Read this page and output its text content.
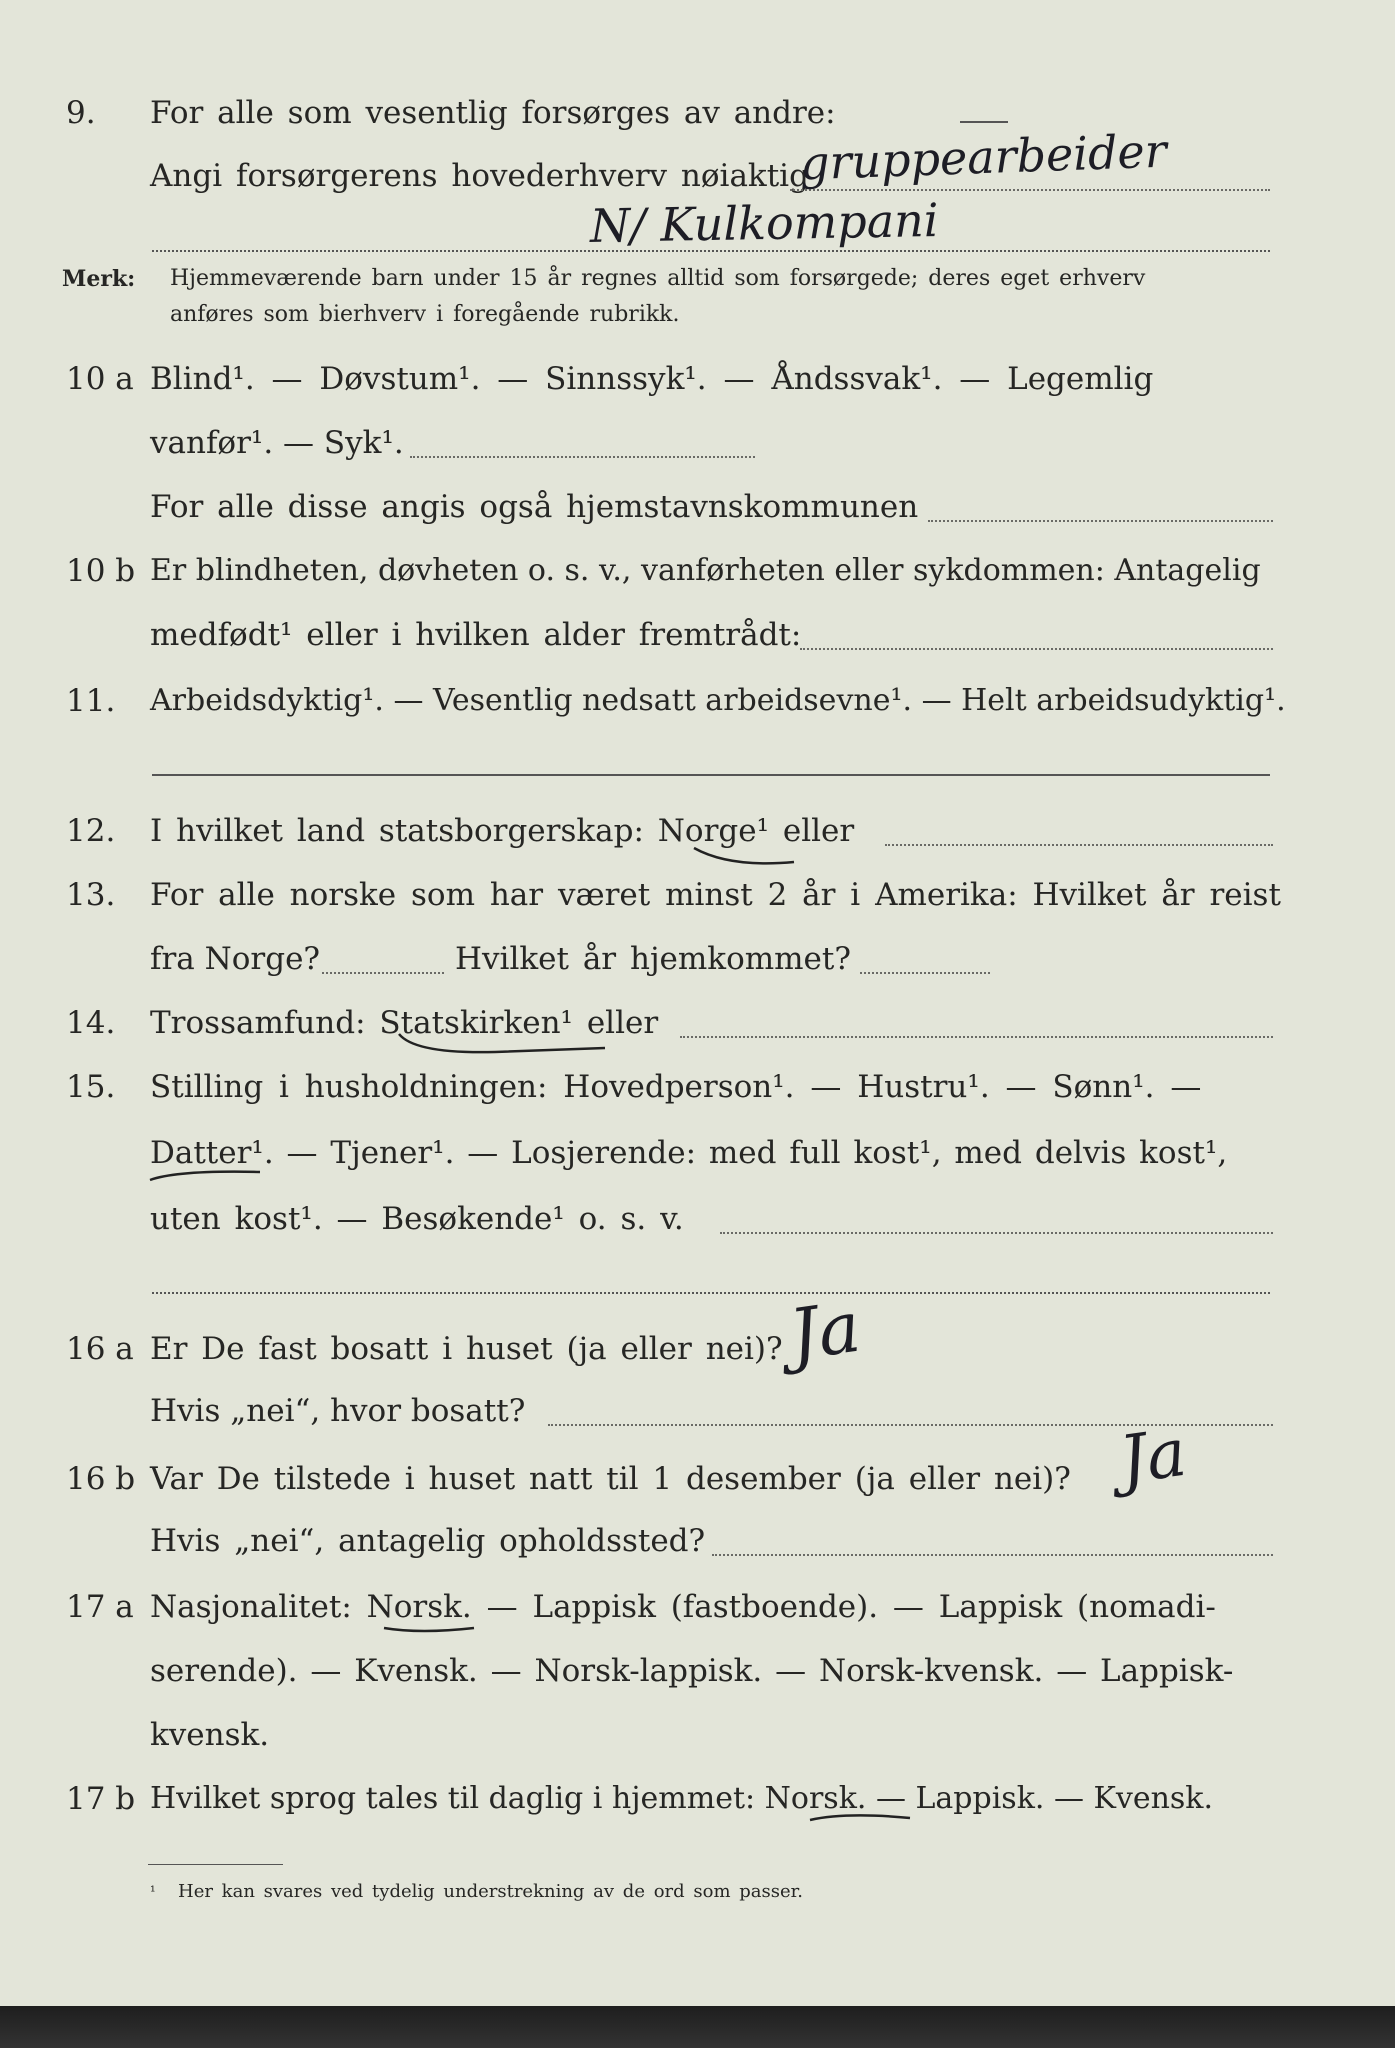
9. For alle som vesentlig forsørges av andre:
Angi forsørgerens hovederhverv nøiaktig
gruppearbeider
N/ Kulkompani
Merk: Hjemmeværende barn under 15 år regnes alltid som forsørgede; deres eget erhverv
anføres som bierhverv i foregående rubrikk.
10 a Blind¹. — Døvstum¹. — Sinnssyk¹. — Åndssvak¹. — Legemlig
vanfør¹. — Syk¹.
For alle disse angis også hjemstavnskommunen
10 b Er blindheten, døvheten o. s. v., vanførheten eller sykdommen: Antagelig
medfødt¹ eller i hvilken alder fremtrådt:
11. Arbeidsdyktig¹. — Vesentlig nedsatt arbeidsevne¹. — Helt arbeidsudyktig¹.
12. I hvilket land statsborgerskap: Norge¹ eller
13. For alle norske som har været minst 2 år i Amerika: Hvilket år reist
fra Norge?	Hvilket år hjemkommet?
14. Trossamfund: Statskirken¹ eller
15. Stilling i husholdningen: Hovedperson¹. — Hustru¹. — Sønn¹. —
Datter¹. — Tjener¹. — Losjerende: med full kost¹, med delvis kost¹,
uten kost¹. — Besøkende¹ o. s. v.
16 a Er De fast bosatt i huset (ja eller nei)? Ja
Hvis „nei“, hvor bosatt?
16 b Var De tilstede i huset natt til 1 desember (ja eller nei)? Ja
Hvis „nei“, antagelig opholdssted?
17 a Nasjonalitet: Norsk. — Lappisk (fastboende). — Lappisk (nomadi-
serende). — Kvensk. — Norsk-lappisk. — Norsk-kvensk. — Lappisk-
kvensk.
17 b Hvilket sprog tales til daglig i hjemmet: Norsk. — Lappisk. — Kvensk.
¹ Her kan svares ved tydelig understrekning av de ord som passer.
